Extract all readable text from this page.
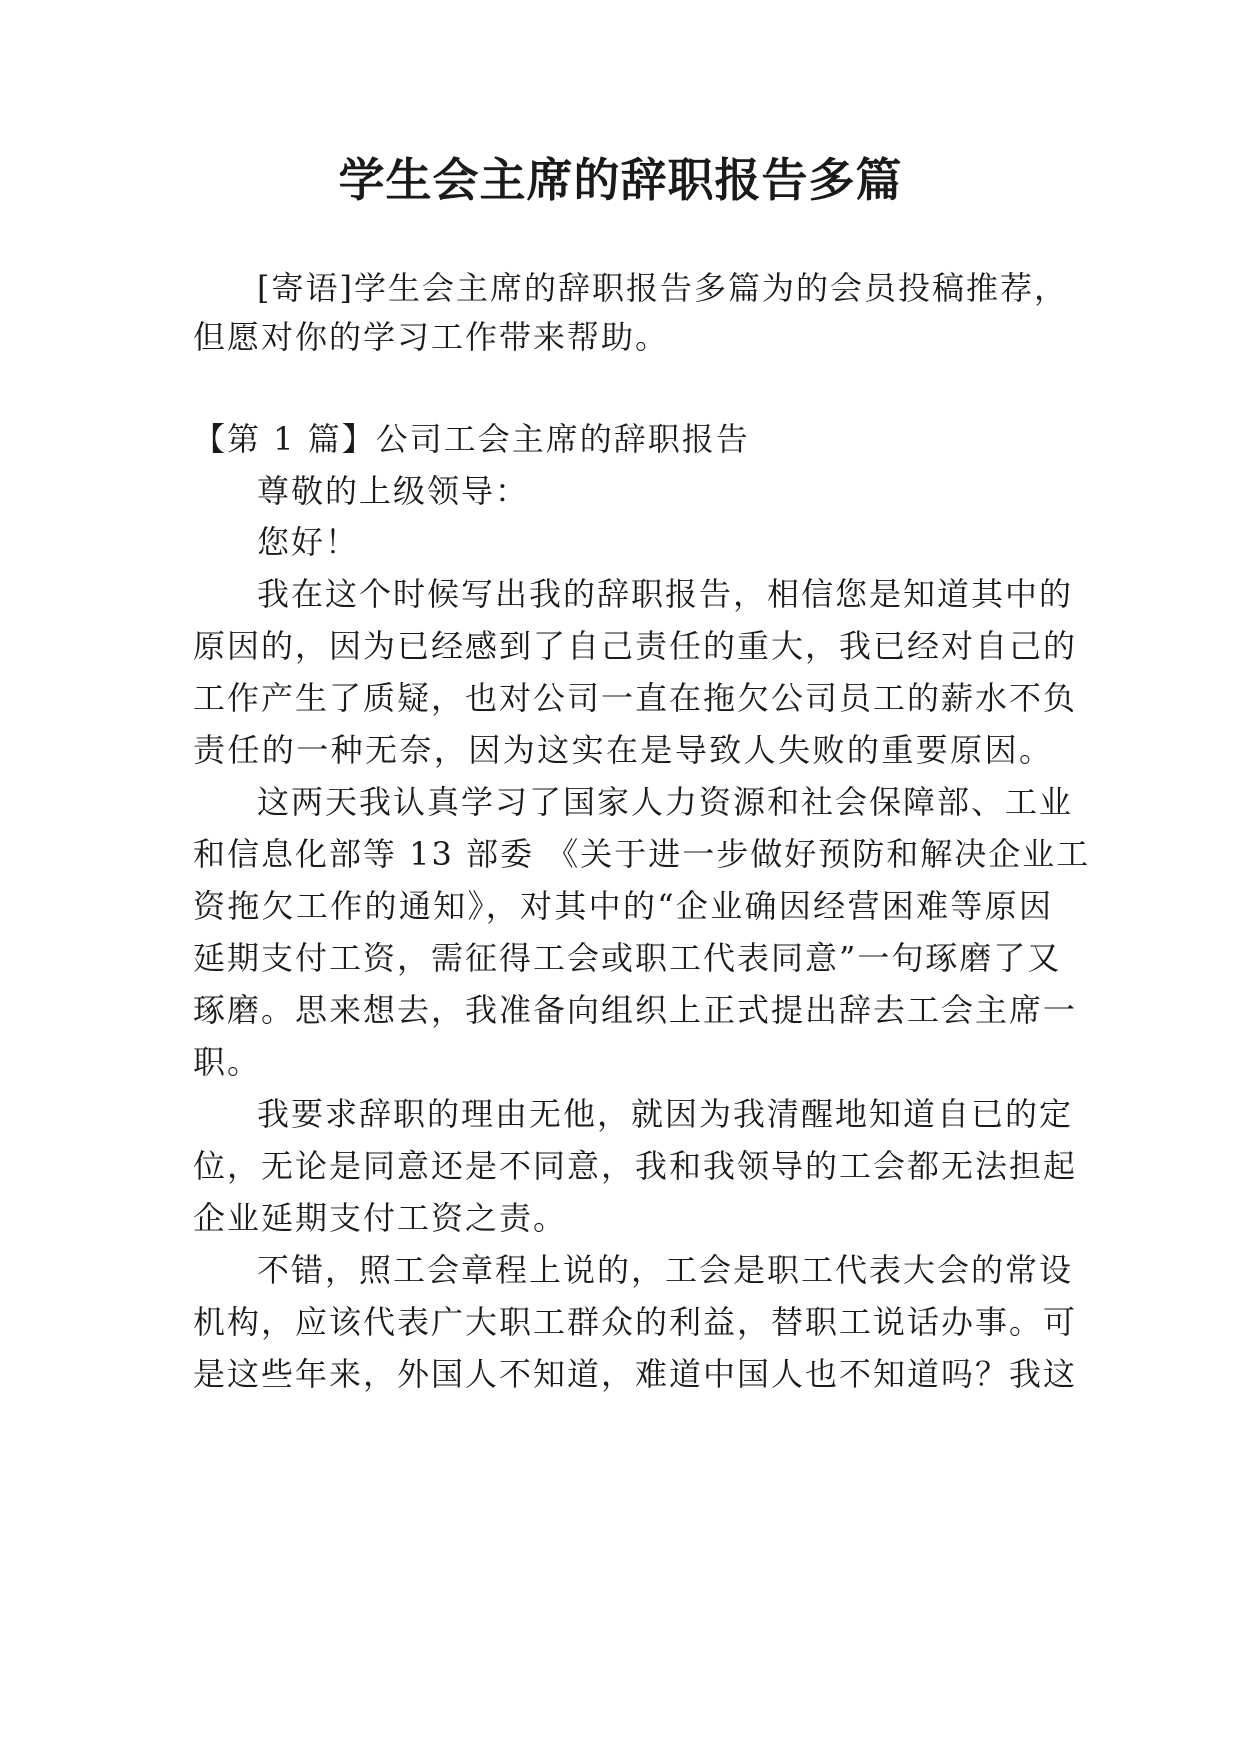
学生会主席的辞职报告多篇
[寄语]学生会主席的辞职报告多篇为的会员投稿推荐，
但愿对你的学习工作带来帮助。
【第 1 篇】公司工会主席的辞职报告
尊敬的上级领导：
您好！
我在这个时候写出我的辞职报告，相信您是知道其中的
原因的，因为已经感到了自己责任的重大，我已经对自己的
工作产生了质疑，也对公司一直在拖欠公司员工的薪水不负
责任的一种无奈，因为这实在是导致人失败的重要原因。
这两天我认真学习了国家人力资源和社会保障部、工业
和信息化部等 13 部委 《关于进一步做好预防和解决企业工
资拖欠工作的通知》，对其中的“企业确因经营困难等原因
延期支付工资，需征得工会或职工代表同意”一句琢磨了又
琢磨。思来想去，我准备向组织上正式提出辞去工会主席一
职。
我要求辞职的理由无他，就因为我清醒地知道自已的定
位，无论是同意还是不同意，我和我领导的工会都无法担起
企业延期支付工资之责。
不错，照工会章程上说的，工会是职工代表大会的常设
机构，应该代表广大职工群众的利益，替职工说话办事。可
是这些年来，外国人不知道，难道中国人也不知道吗？我这
